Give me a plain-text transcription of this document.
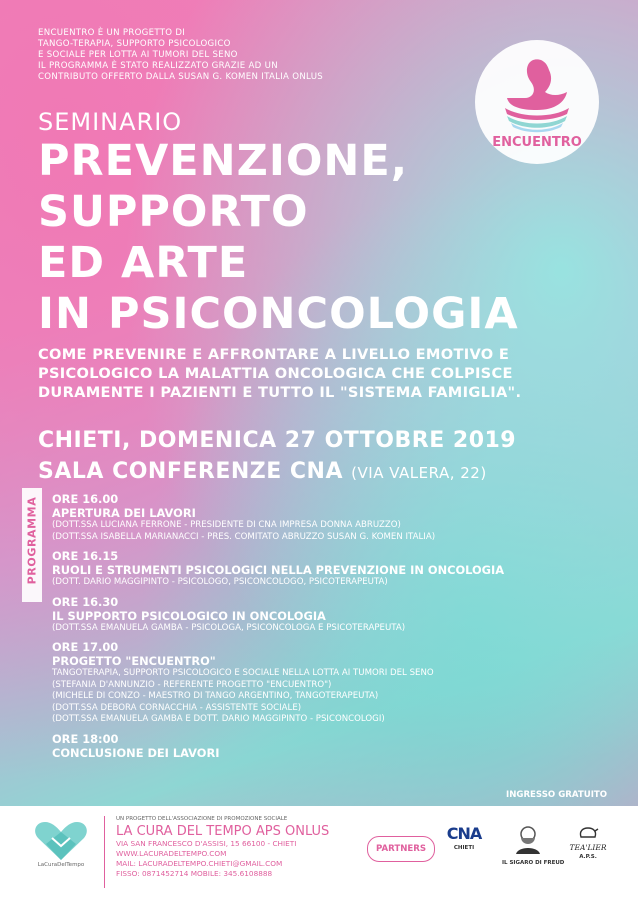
ENCUENTRO È UN PROGETTO DI
TANGO-TERAPIA, SUPPORTO PSICOLOGICO
E SOCIALE PER LOTTA AI TUMORI DEL SENO
IL PROGRAMMA È STATO REALIZZATO GRAZIE AD UN
CONTRIBUTO OFFERTO DALLA SUSAN G. KOMEN ITALIA ONLUS
ENCUENTRO
SEMINARIO
PREVENZIONE,
SUPPORTO
ED ARTE
IN PSICONCOLOGIA
COME PREVENIRE E AFFRONTARE A LIVELLO EMOTIVO E
PSICOLOGICO LA MALATTIA ONCOLOGICA CHE COLPISCE
DURAMENTE I PAZIENTI E TUTTO IL "SISTEMA FAMIGLIA".
CHIETI, DOMENICA 27 OTTOBRE 2019
SALA CONFERENZE CNA (VIA VALERA, 22)
PROGRAMMA ORE 16.00
APERTURA DEI LAVORI
(DOTT.SSA LUCIANA FERRONE - PRESIDENTE DI CNA IMPRESA DONNA ABRUZZO)
(DOTT.SSA ISABELLA MARIANACCI - PRES. COMITATO ABRUZZO SUSAN G. KOMEN ITALIA)
ORE 16.15
RUOLI E STRUMENTI PSICOLOGICI NELLA PREVENZIONE IN ONCOLOGIA
(DOTT. DARIO MAGGIPINTO - PSICOLOGO, PSICONCOLOGO, PSICOTERAPEUTA)
ORE 16.30
IL SUPPORTO PSICOLOGICO IN ONCOLOGIA
(DOTT.SSA EMANUELA GAMBA - PSICOLOGA, PSICONCOLOGA E PSICOTERAPEUTA)
ORE 17.00
PROGETTO "ENCUENTRO"
TANGOTERAPIA, SUPPORTO PSICOLOGICO E SOCIALE NELLA LOTTA AI TUMORI DEL SENO
(STEFANIA D'ANNUNZIO - REFERENTE PROGETTO "ENCUENTRO")
(MICHELE DI CONZO - MAESTRO DI TANGO ARGENTINO, TANGOTERAPEUTA)
(DOTT.SSA DEBORA CORNACCHIA - ASSISTENTE SOCIALE)
(DOTT.SSA EMANUELA GAMBA E DOTT. DARIO MAGGIPINTO - PSICONCOLOGI)
ORE 18:00
CONCLUSIONE DEI LAVORI
INGRESSO GRATUITO
LaCuraDelTempo
UN PROGETTO DELL'ASSOCIAZIONE DI PROMOZIONE SOCIALE
LA CURA DEL TEMPO APS ONLUS
VIA SAN FRANCESCO D'ASSISI, 15 66100 - CHIETI
WWW.LACURADELTEMPO.COM
MAIL: LACURADELTEMPO.CHIETI@GMAIL.COM
FISSO: 0871452714 MOBILE: 345.6108888
PARTNERS
CNA
CHIETI
IL SIGARO DI FREUD
TEA'LIER
A.P.S.
